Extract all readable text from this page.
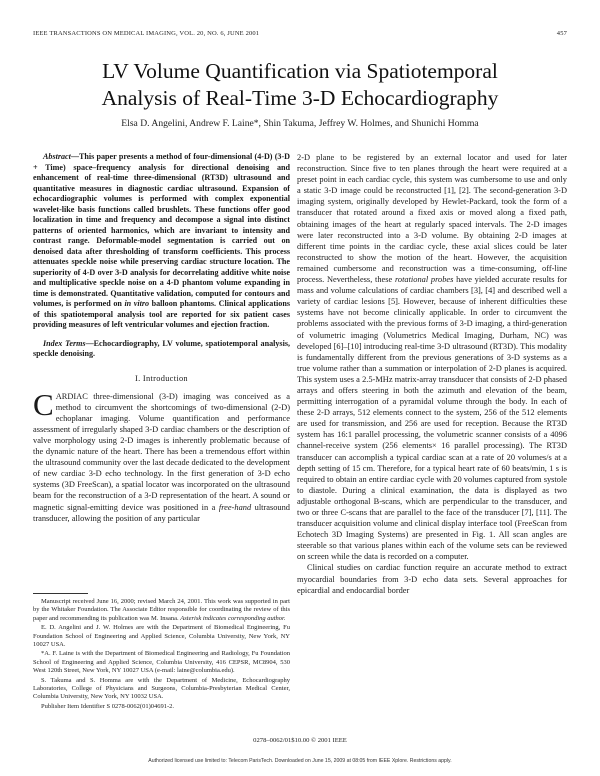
IEEE TRANSACTIONS ON MEDICAL IMAGING, VOL. 20, NO. 6, JUNE 2001	457
LV Volume Quantification via Spatiotemporal
Analysis of Real-Time 3-D Echocardiography
Elsa D. Angelini, Andrew F. Laine*, Shin Takuma, Jeffrey W. Holmes, and Shunichi Homma

Abstract—This paper presents a method of four-dimensional (4-D) (3-D + Time) space–frequency analysis for directional denoising and enhancement of real-time three-dimensional (RT3D) ultrasound and quantitative measures in diagnostic cardiac ultrasound. Expansion of echocardiographic volumes is performed with complex exponential wavelet-like basis functions called brushlets. These functions offer good localization in time and frequency and decompose a signal into distinct patterns of oriented harmonics, which are invariant to intensity and contrast range. Deformable-model segmentation is carried out on denoised data after thresholding of transform coefficients. This process attenuates speckle noise while preserving cardiac structure location. The superiority of 4-D over 3-D analysis for decorrelating additive white noise and multiplicative speckle noise on a 4-D phantom volume expanding in time is demonstrated. Quantitative validation, computed for contours and volumes, is performed on in vitro balloon phantoms. Clinical applications of this spatiotemporal analysis tool are reported for six patient cases providing measures of left ventricular volumes and ejection fraction.

Index Terms—Echocardiography, LV volume, spatiotemporal analysis, speckle denoising.

I. Introduction

CARDIAC three-dimensional (3-D) imaging was conceived as a method to circumvent the shortcomings of two-dimensional (2-D) echoplanar imaging. Volume quantification and performance assessment of irregularly shaped 3-D cardiac chambers or the description of valve morphology using 2-D images is inherently problematic because of the dynamic nature of the heart. There has been a tremendous effort within the ultrasound community over the last decade dedicated to the development of new cardiac 3-D echo technology. In the first generation of 3-D echo systems (3D FreeScan), a spatial locator was incorporated on the ultrasound beam for the reconstruction of a 3-D representation of the heart. A sound or magnetic signal-emitting device was positioned in a free-hand ultrasound transducer, allowing the position of any particular

Manuscript received June 16, 2000; revised March 24, 2001. This work was supported in part by the Whitaker Foundation. The Associate Editor responsible for coordinating the review of this paper and recommending its publication was M. Insana. Asterisk indicates corresponding author.

E. D. Angelini and J. W. Holmes are with the Department of Biomedical Engineering, Fu Foundation School of Engineering and Applied Science, Columbia University, New York, NY 10027 USA.

*A. F. Laine is with the Department of Biomedical Engineering and Radiology, Fu Foundation School of Engineering and Applied Science, Columbia University, 416 CEPSR, MC8904, 530 West 120th Street, New York, NY 10027 USA (e-mail: laine@columbia.edu).

S. Takuma and S. Homma are with the Department of Medicine, Echocardiography Laboratories, College of Physicians and Surgeons, Columbia-Presbyterian Medical Center, Columbia University, New York, NY 10032 USA.

Publisher Item Identifier S 0278-0062(01)04691-2.

2-D plane to be registered by an external locator and used for later reconstruction. Since five to ten planes through the heart were required at a preset point in each cardiac cycle, this system was cumbersome to use and only a static 3-D image could be reconstructed [1], [2]. The second-generation 3-D imaging system, originally developed by Hewlet-Packard, took the form of a transducer that rotated around a fixed axis or moved along a fixed path, obtaining images of the heart at regularly spaced intervals. The 2-D images were later reconstructed into a 3-D volume. By obtaining 2-D images at different time points in the cardiac cycle, these axial slices could be later reconstructed to show the motion of the heart. However, the acquisition remained cumbersome and reconstruction was a time-consuming, off-line process. Nevertheless, these rotational probes have yielded accurate results for mass and volume calculations of cardiac chambers [3], [4] and described well a variety of cardiac lesions [5]. However, because of inherent difficulties these systems have not become clinically applicable. In order to circumvent the problems associated with the previous forms of 3-D imaging, a third-generation of volumetric imaging (Volumetrics Medical Imaging, Durham, NC) was developed [6]–[10] introducing real-time 3-D ultrasound (RT3D). This modality is fundamentally different from the previous generations of 3-D systems as a true volume rather than a summation or interpolation of 2-D planes is acquired. This system uses a 2.5-MHz matrix-array transducer that consists of 2-D phased arrays and offers steering in both the azimuth and elevation of the beam, permitting interrogation of a pyramidal volume through the body. In each of these 2-D arrays, 512 elements connect to the system, 256 of the 512 elements are used for transmission, and 256 are used for reception. Because the RT3D system has 16:1 parallel processing, the volumetric scanner consists of a 4096 channel-receive system (256 elements× 16 parallel processing). The RT3D transducer can accomplish a typical cardiac scan at a rate of 20 volumes/s at a depth setting of 15 cm. Therefore, for a typical heart rate of 60 beats/min, 1 s is required to obtain an entire cardiac cycle with 20 volumes captured from systole to diastole. During a clinical examination, the data is displayed as two adjustable orthogonal B-scans, which are perpendicular to the transducer, and two or three C-scans that are parallel to the face of the transducer [7], [11]. The transducer acquisition volume and clinical display interface tool (FreeScan from Echotech 3D Imaging Systems) are presented in Fig. 1. All scan angles are steerable so that various planes within each of the volume sets can be reviewed on screen while the data is recorded on a computer.

Clinical studies on cardiac function require an accurate method to extract myocardial boundaries from 3-D echo data sets. Several approaches for epicardial and endocardial border

0278–0062/01$10.00 © 2001 IEEE
Authorized licensed use limited to: Telecom ParisTech. Downloaded on June 15, 2009 at 08:05 from IEEE Xplore. Restrictions apply.
